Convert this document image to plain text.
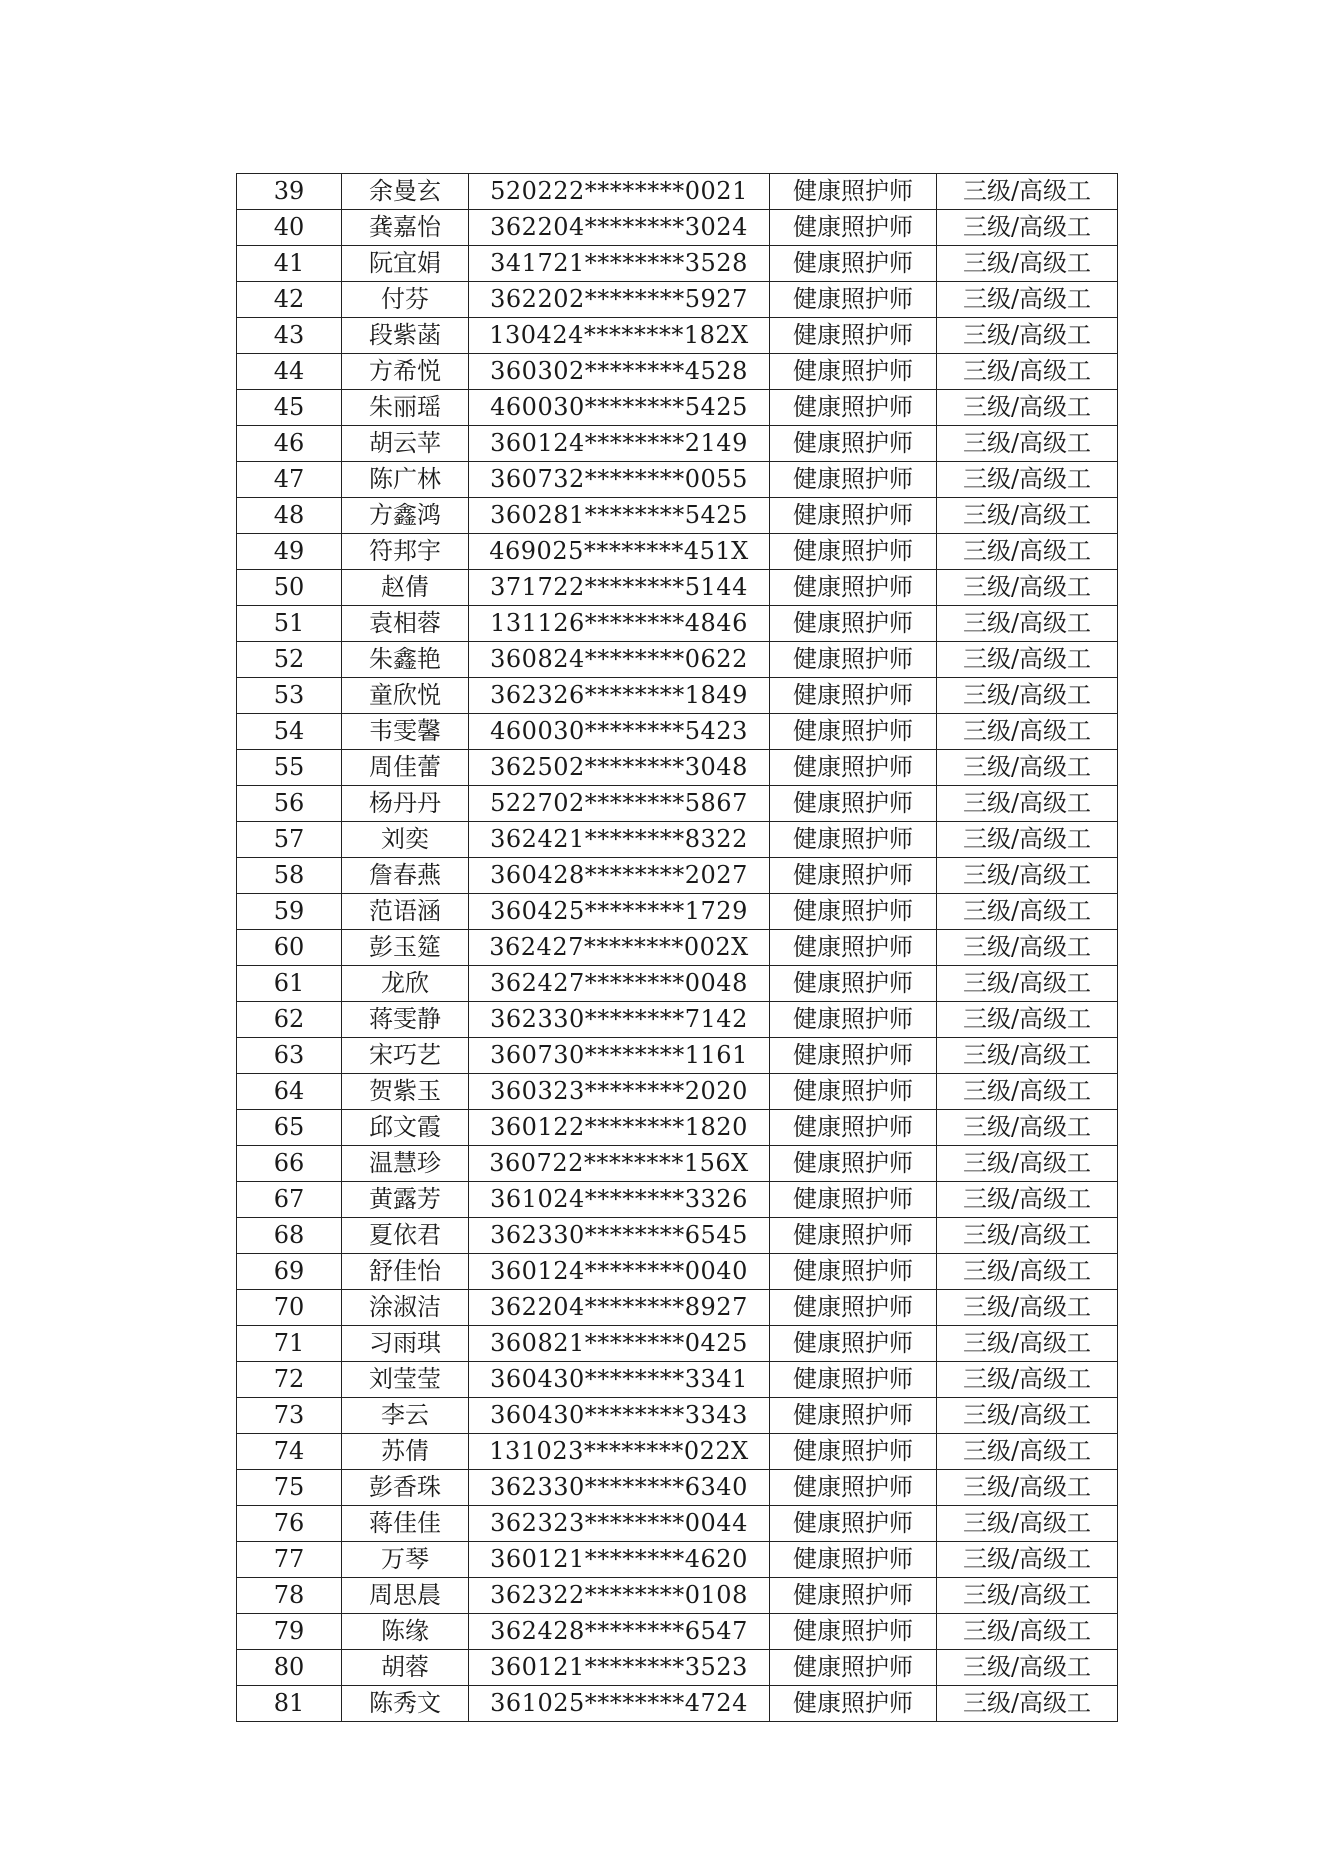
39	余曼玄	520222********0021	健康照护师	三级/高级工
40	龚嘉怡	362204********3024	健康照护师	三级/高级工
41	阮宜娟	341721********3528	健康照护师	三级/高级工
42	付芬	362202********5927	健康照护师	三级/高级工
43	段紫菡	130424********182X	健康照护师	三级/高级工
44	方希悦	360302********4528	健康照护师	三级/高级工
45	朱丽瑶	460030********5425	健康照护师	三级/高级工
46	胡云苹	360124********2149	健康照护师	三级/高级工
47	陈广林	360732********0055	健康照护师	三级/高级工
48	方鑫鸿	360281********5425	健康照护师	三级/高级工
49	符邦宇	469025********451X	健康照护师	三级/高级工
50	赵倩	371722********5144	健康照护师	三级/高级工
51	袁相蓉	131126********4846	健康照护师	三级/高级工
52	朱鑫艳	360824********0622	健康照护师	三级/高级工
53	童欣悦	362326********1849	健康照护师	三级/高级工
54	韦雯馨	460030********5423	健康照护师	三级/高级工
55	周佳蕾	362502********3048	健康照护师	三级/高级工
56	杨丹丹	522702********5867	健康照护师	三级/高级工
57	刘奕	362421********8322	健康照护师	三级/高级工
58	詹春燕	360428********2027	健康照护师	三级/高级工
59	范语涵	360425********1729	健康照护师	三级/高级工
60	彭玉筵	362427********002X	健康照护师	三级/高级工
61	龙欣	362427********0048	健康照护师	三级/高级工
62	蒋雯静	362330********7142	健康照护师	三级/高级工
63	宋巧艺	360730********1161	健康照护师	三级/高级工
64	贺紫玉	360323********2020	健康照护师	三级/高级工
65	邱文霞	360122********1820	健康照护师	三级/高级工
66	温慧珍	360722********156X	健康照护师	三级/高级工
67	黄露芳	361024********3326	健康照护师	三级/高级工
68	夏依君	362330********6545	健康照护师	三级/高级工
69	舒佳怡	360124********0040	健康照护师	三级/高级工
70	涂淑洁	362204********8927	健康照护师	三级/高级工
71	习雨琪	360821********0425	健康照护师	三级/高级工
72	刘莹莹	360430********3341	健康照护师	三级/高级工
73	李云	360430********3343	健康照护师	三级/高级工
74	苏倩	131023********022X	健康照护师	三级/高级工
75	彭香珠	362330********6340	健康照护师	三级/高级工
76	蒋佳佳	362323********0044	健康照护师	三级/高级工
77	万琴	360121********4620	健康照护师	三级/高级工
78	周思晨	362322********0108	健康照护师	三级/高级工
79	陈缘	362428********6547	健康照护师	三级/高级工
80	胡蓉	360121********3523	健康照护师	三级/高级工
81	陈秀文	361025********4724	健康照护师	三级/高级工
